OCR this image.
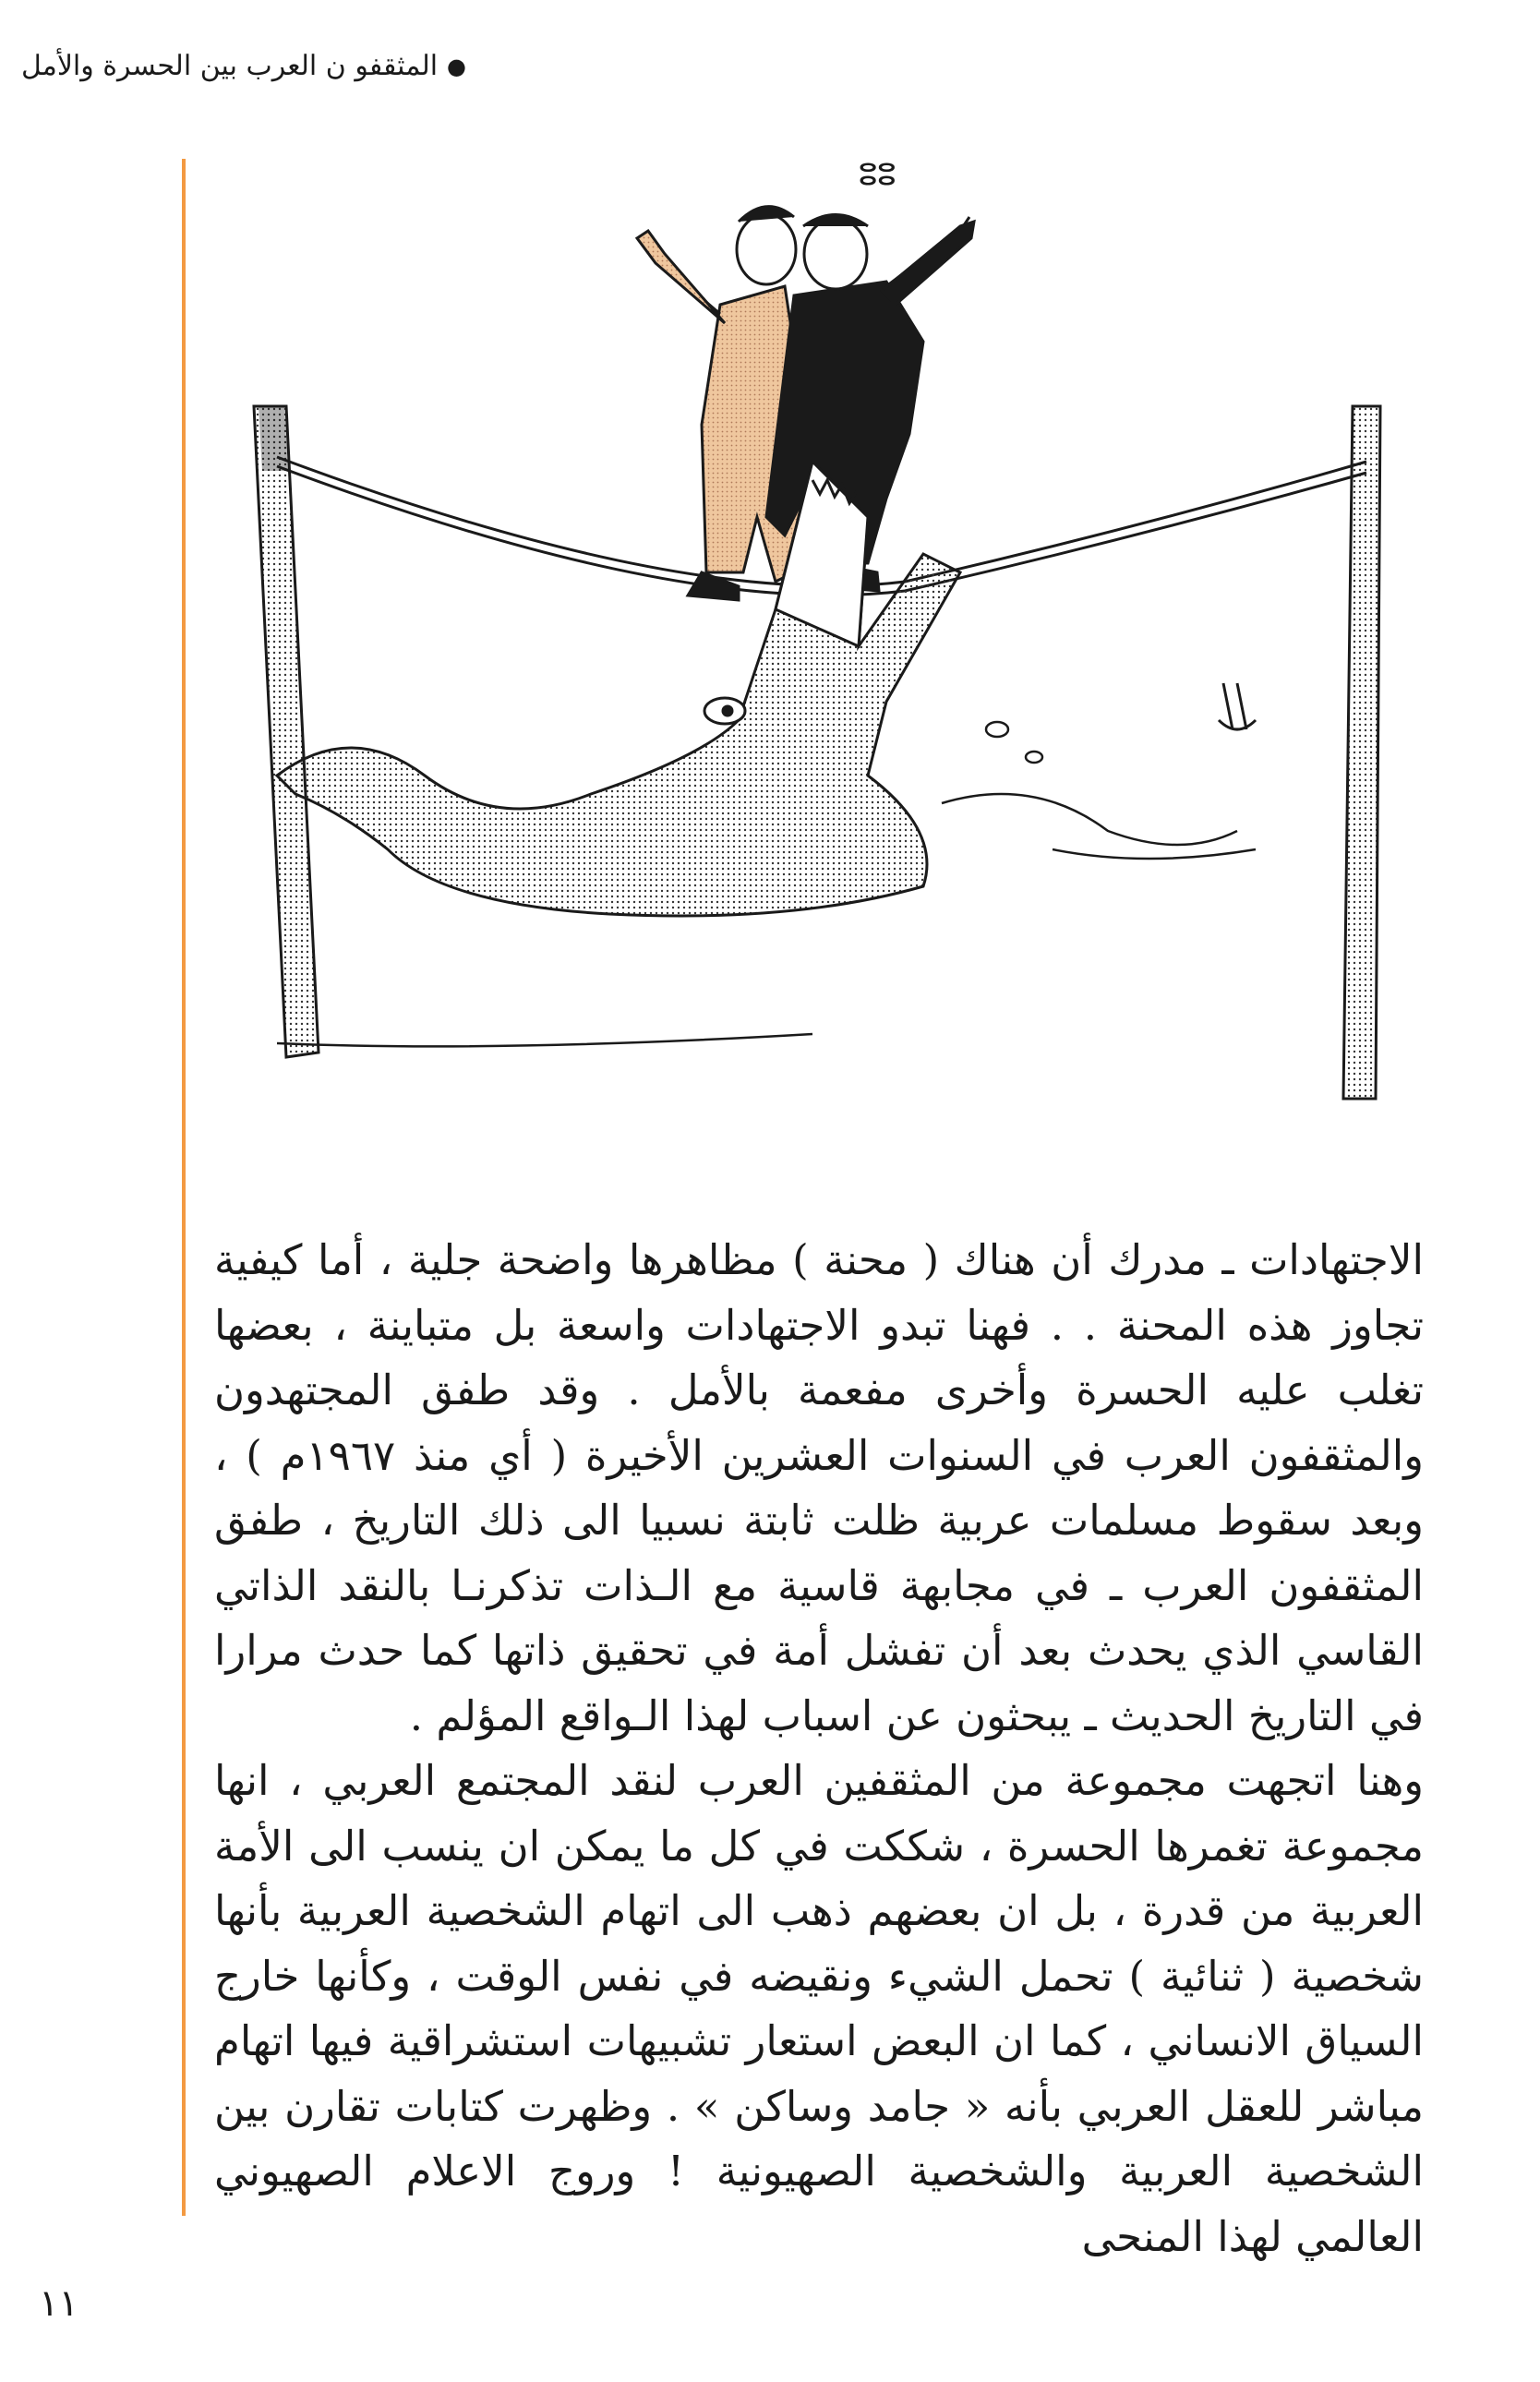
●
المثقفو ن العرب بين الحسرة والأمل
ⵓⵓ

الاجتهادات ـ مدرك أن هناك ( محنة ) مظاهرها واضحة جلية ، أما كيفية تجاوز هذه المحنة . . فهنا تبدو الاجتهادات واسعة بل متباينة ، بعضها تغلب عليه الحسرة وأخرى مفعمة بالأمل . وقد طفق المجتهدون والمثقفون العرب في السنوات العشرين الأخيرة ( أي منذ ١٩٦٧م ) ، وبعد سقوط مسلمات عربية ظلت ثابتة نسبيا الى ذلك التاريخ ، طفق المثقفون العرب ـ في مجابهة قاسية مع الـذات تذكرنـا بالنقد الذاتي القاسي الذي يحدث بعد أن تفشل أمة في تحقيق ذاتها كما حدث مرارا في التاريخ الحديث ـ يبحثون عن اسباب لهذا الـواقع المؤلم .

وهنا اتجهت مجموعة من المثقفين العرب لنقد المجتمع العربي ، انها مجموعة تغمرها الحسرة ، شككت في كل ما يمكن ان ينسب الى الأمة العربية من قدرة ، بل ان بعضهم ذهب الى اتهام الشخصية العربية بأنها شخصية ( ثنائية ) تحمل الشيء ونقيضه في نفس الوقت ، وكأنها خارج السياق الانساني ، كما ان البعض استعار تشبيهات استشراقية فيها اتهام مباشر للعقل العربي بأنه « جامد وساكن » . وظهرت كتابات تقارن بين الشخصية العربية والشخصية الصهيونية ! وروج الاعلام الصهيوني العالمي لهذا المنحى

١١
